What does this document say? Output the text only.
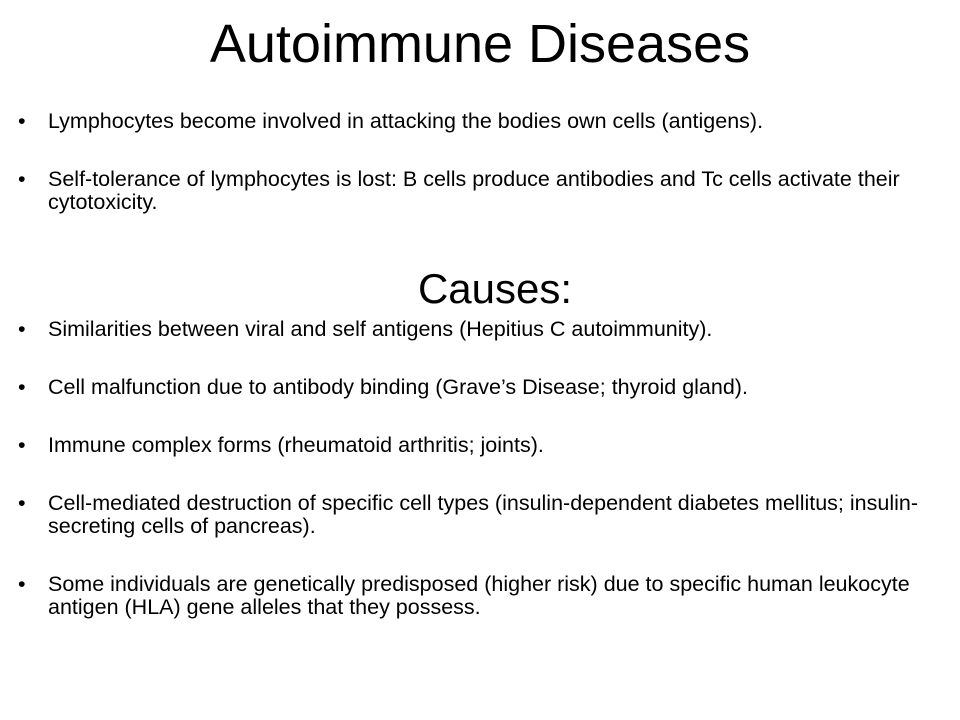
Autoimmune Diseases
•	Lymphocytes become involved in attacking the bodies own cells (antigens).
•	Self-tolerance of lymphocytes is lost: B cells produce antibodies and Tc cells activate their cytotoxicity.
Causes:
•	Similarities between viral and self antigens (Hepitius C autoimmunity).
•	Cell malfunction due to antibody binding (Grave’s Disease; thyroid gland).
•	Immune complex forms (rheumatoid arthritis; joints).
•	Cell-mediated destruction of specific cell types (insulin-dependent diabetes mellitus; insulin-secreting cells of pancreas).
•	Some individuals are genetically predisposed (higher risk) due to specific human leukocyte antigen (HLA) gene alleles that they possess.
